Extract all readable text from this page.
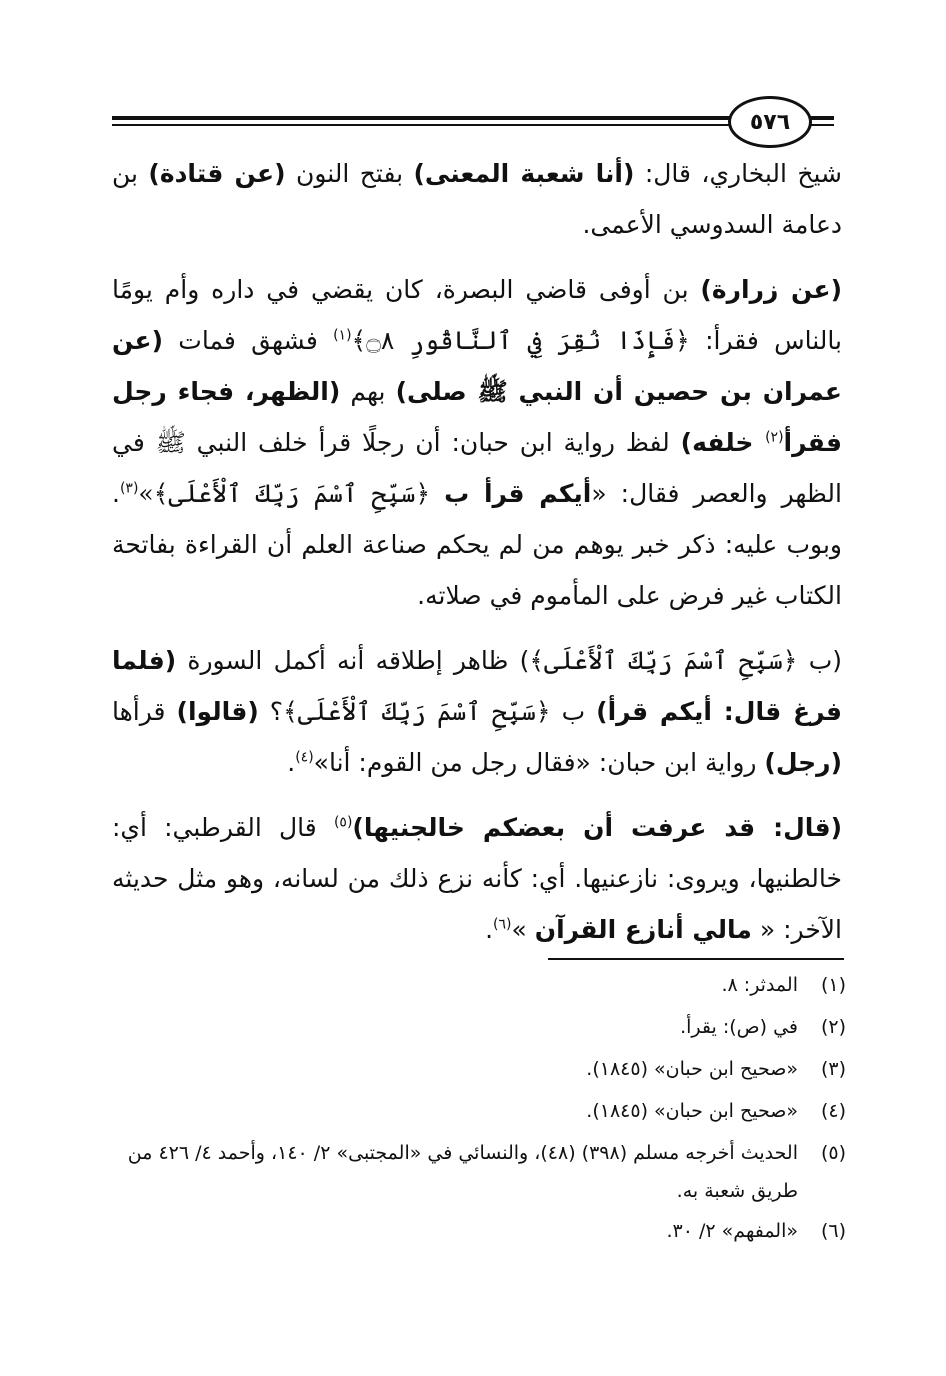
٥٧٦

شيخ البخاري، قال: (أنا شعبة المعنى) بفتح النون (عن قتادة) بن دعامة السدوسي الأعمى.

(عن زرارة) بن أوفى قاضي البصرة، كان يقضي في داره وأم يومًا بالناس فقرأ: ﴿فَإِذَا نُقِرَ فِي ٱلنَّاقُورِ ۝٨﴾$^{(١)}$ فشهق فمات (عن عمران بن حصين أن النبي ﷺ صلى) بهم (الظهر، فجاء رجل فقرأ$^{(٢)}$ خلفه) لفظ رواية ابن حبان: أن رجلًا قرأ خلف النبي ﷺ في الظهر والعصر فقال: «أيكم قرأ ب ﴿سَبِّحِ ٱسْمَ رَبِّكَ ٱلْأَعْلَى﴾»$^{(٣)}$. وبوب عليه: ذكر خبر يوهم من لم يحكم صناعة العلم أن القراءة بفاتحة الكتاب غير فرض على المأموم في صلاته.

(ب ﴿سَبِّحِ ٱسْمَ رَبِّكَ ٱلْأَعْلَى﴾) ظاهر إطلاقه أنه أكمل السورة (فلما فرغ قال: أيكم قرأ) ب ﴿سَبِّحِ ٱسْمَ رَبِّكَ ٱلْأَعْلَى﴾؟ (قالوا) قرأها (رجل) رواية ابن حبان: «فقال رجل من القوم: أنا»$^{(٤)}$.

(قال: قد عرفت أن بعضكم خالجنيها)$^{(٥)}$ قال القرطبي: أي: خالطنيها، ويروى: نازعنيها. أي: كأنه نزع ذلك من لسانه، وهو مثل حديثه الآخر: « مالي أنازع القرآن »$^{(٦)}$.

(١)
المدثر: ٨.
(٢)
في (ص): يقرأ.
(٣)
«صحيح ابن حبان» (١٨٤٥).
(٤)
«صحيح ابن حبان» (١٨٤٥).
(٥)
الحديث أخرجه مسلم (٣٩٨) (٤٨)، والنسائي في «المجتبى» ٢/ ١٤٠، وأحمد ٤/ ٤٢٦ من طريق شعبة به.
(٦)
«المفهم» ٢/ ٣٠.
